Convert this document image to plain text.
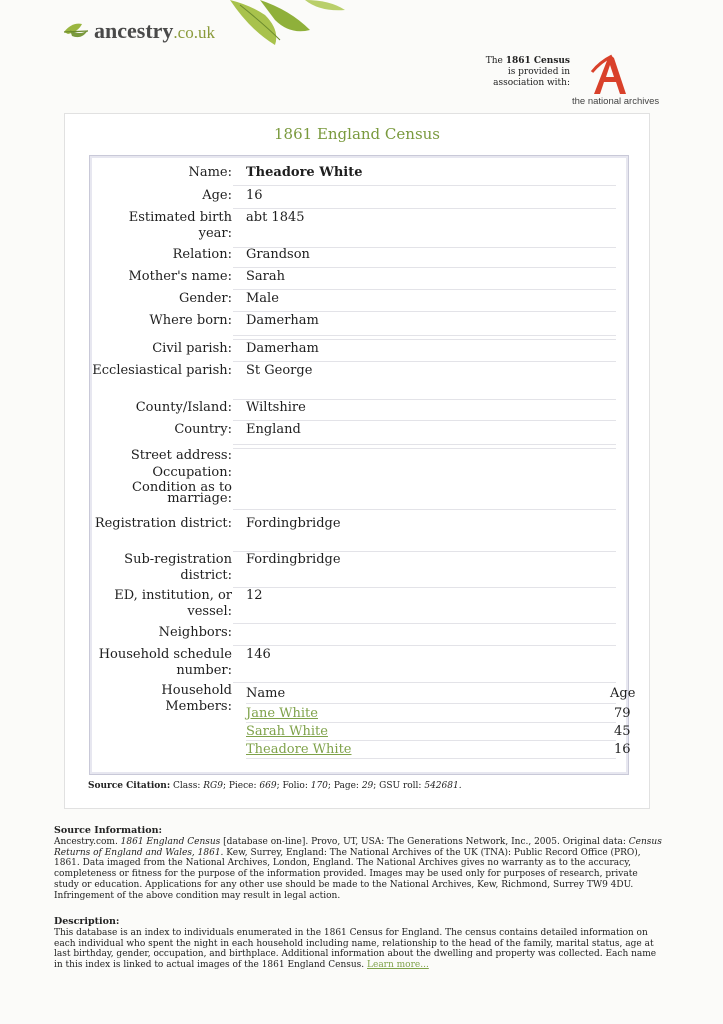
ancestry.co.uk
The 1861 Census
is provided in
association with:
the national archives
1861 England Census
Name: Theadore White
Age: 16
Estimated birth year:
abt 1845
Relation: Grandson
Mother's name: Sarah
Gender: Male
Where born: Damerham
Civil parish: Damerham
Ecclesiastical parish: St George
County/Island: Wiltshire
Country: England
Street address:
Occupation:
Condition as to marriage:
Registration district: Fordingbridge
Sub-registration district:
Fordingbridge
ED, institution, or vessel:
12
Neighbors:
Household schedule number:
146
Household Members:
Name	Age
Jane White	79
Sarah White	45
Theadore White	16
Source Citation: Class: RG9; Piece: 669; Folio: 170; Page: 29; GSU roll: 542681.
Source Information:

Ancestry.com. 1861 England Census [database on-line]. Provo, UT, USA: The Generations Network, Inc., 2005. Original data: Census Returns of England and Wales, 1861. Kew, Surrey, England: The National Archives of the UK (TNA): Public Record Office (PRO), 1861. Data imaged from the National Archives, London, England. The National Archives gives no warranty as to the accuracy, completeness or fitness for the purpose of the information provided. Images may be used only for purposes of research, private study or education. Applications for any other use should be made to the National Archives, Kew, Richmond, Surrey TW9 4DU. Infringement of the above condition may result in legal action.

Description:

This database is an index to individuals enumerated in the 1861 Census for England. The census contains detailed information on each individual who spent the night in each household including name, relationship to the head of the family, marital status, age at last birthday, gender, occupation, and birthplace. Additional information about the dwelling and property was collected. Each name in this index is linked to actual images of the 1861 England Census. Learn more...
